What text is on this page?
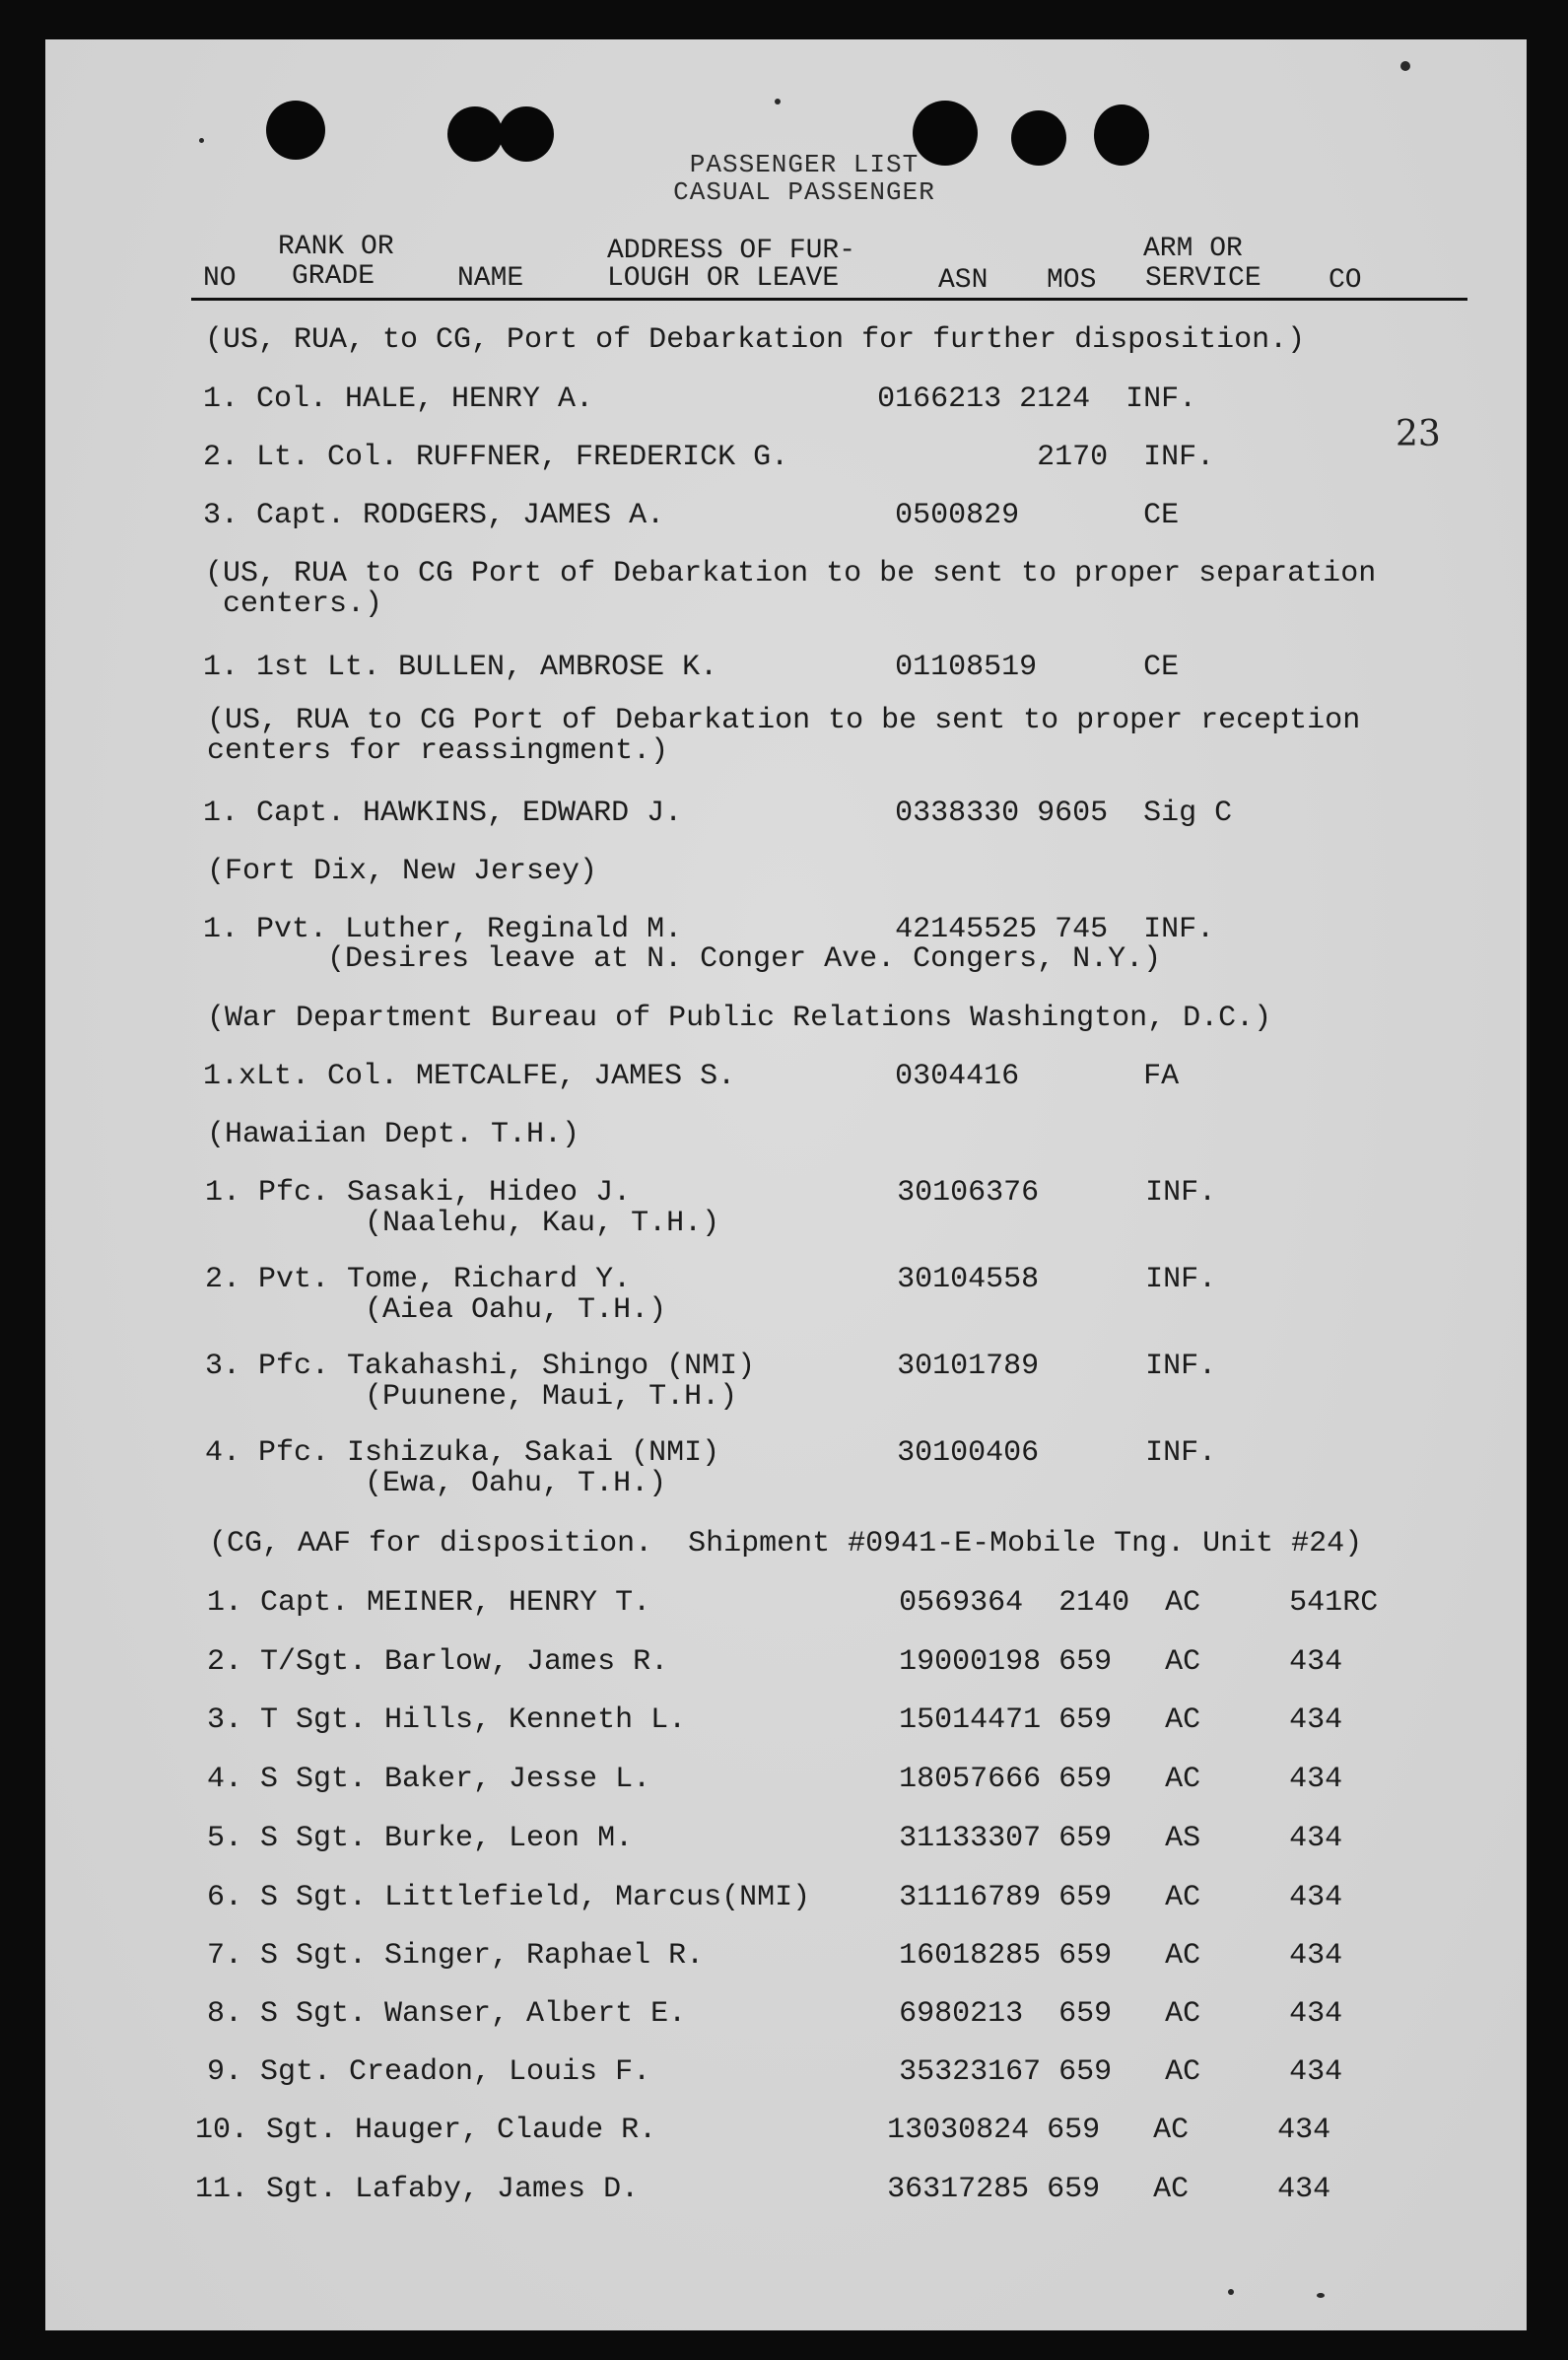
PASSENGER LIST
CASUAL PASSENGER
NO
RANK OR
GRADE	NAME
ADDRESS OF FUR-
LOUGH OR LEAVE	ASN MOS
ARM OR
SERVICE CO
23
(US, RUA, to CG, Port of Debarkation for further disposition.)
1. Col. HALE, HENRY A.                0166213 2124  INF.
2. Lt. Col. RUFFNER, FREDERICK G.              2170  INF.
3. Capt. RODGERS, JAMES A.             0500829       CE
(US, RUA to CG Port of Debarkation to be sent to proper separation
centers.)
1. 1st Lt. BULLEN, AMBROSE K.          01108519      CE
(US, RUA to CG Port of Debarkation to be sent to proper reception
centers for reassingment.)
1. Capt. HAWKINS, EDWARD J.            0338330 9605  Sig C
(Fort Dix, New Jersey)
1. Pvt. Luther, Reginald M.            42145525 745  INF.
(Desires leave at N. Conger Ave. Congers, N.Y.)
(War Department Bureau of Public Relations Washington, D.C.)
1.xLt. Col. METCALFE, JAMES S.         0304416       FA
(Hawaiian Dept. T.H.)
1. Pfc. Sasaki, Hideo J.               30106376      INF.
(Naalehu, Kau, T.H.)
2. Pvt. Tome, Richard Y.               30104558      INF.
(Aiea Oahu, T.H.)
3. Pfc. Takahashi, Shingo (NMI)        30101789      INF.
(Puunene, Maui, T.H.)
4. Pfc. Ishizuka, Sakai (NMI)          30100406      INF.
(Ewa, Oahu, T.H.)
(CG, AAF for disposition.  Shipment #0941-E-Mobile Tng. Unit #24)
1. Capt. MEINER, HENRY T.              0569364  2140  AC     541RC
2. T/Sgt. Barlow, James R.             19000198 659   AC     434
3. T Sgt. Hills, Kenneth L.            15014471 659   AC     434
4. S Sgt. Baker, Jesse L.              18057666 659   AC     434
5. S Sgt. Burke, Leon M.               31133307 659   AS     434
6. S Sgt. Littlefield, Marcus(NMI)     31116789 659   AC     434
7. S Sgt. Singer, Raphael R.           16018285 659   AC     434
8. S Sgt. Wanser, Albert E.            6980213  659   AC     434
9. Sgt. Creadon, Louis F.              35323167 659   AC     434
10. Sgt. Hauger, Claude R.             13030824 659   AC     434
11. Sgt. Lafaby, James D.              36317285 659   AC     434
